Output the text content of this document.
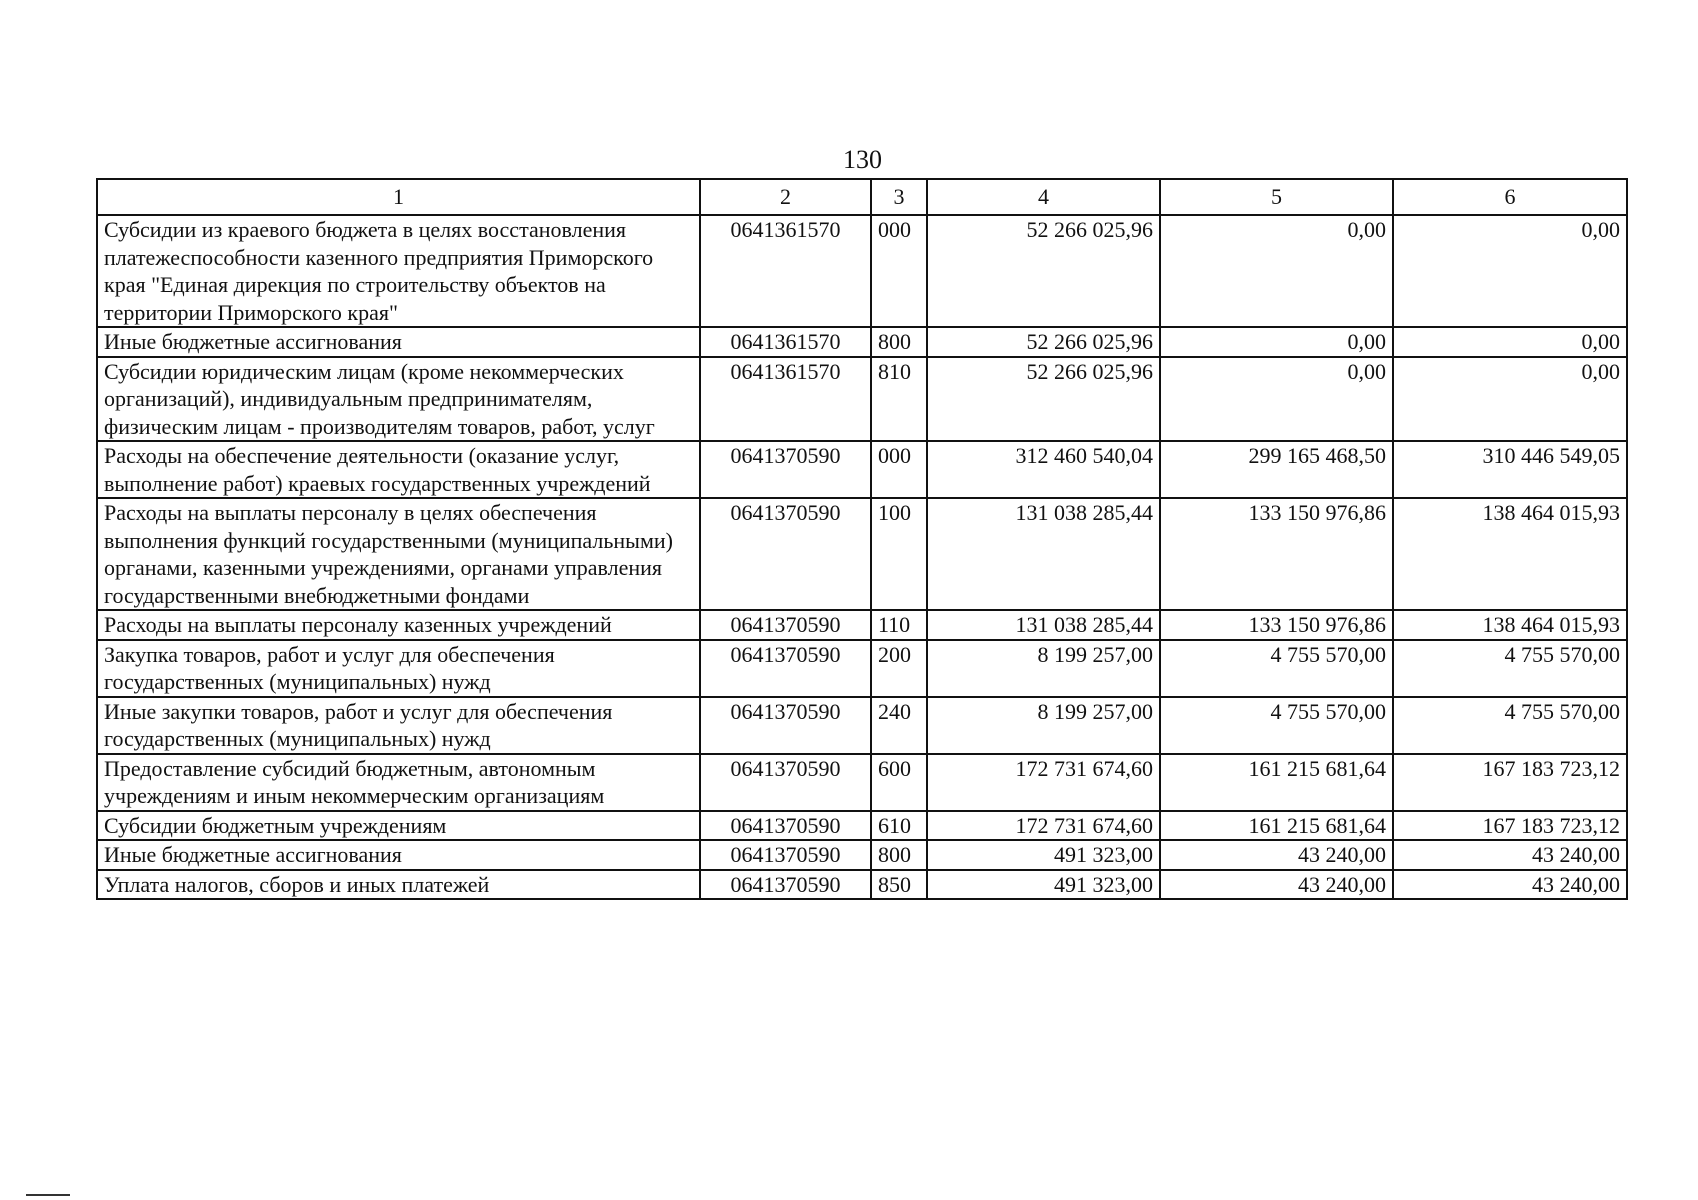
130
1	2	3	4	5	6
Субсидии из краевого бюджета в целях восстановления платежеспособности казенного предприятия Приморского края "Единая дирекция по строительству объектов на территории Приморского края"	0641361570	000	52 266 025,96	0,00	0,00
Иные бюджетные ассигнования	0641361570	800	52 266 025,96	0,00	0,00
Субсидии юридическим лицам (кроме некоммерческих организаций), индивидуальным предпринимателям, физическим лицам - производителям товаров, работ, услуг	0641361570	810	52 266 025,96	0,00	0,00
Расходы на обеспечение деятельности (оказание услуг, выполнение работ) краевых государственных учреждений	0641370590	000	312 460 540,04	299 165 468,50	310 446 549,05
Расходы на выплаты персоналу в целях обеспечения выполнения функций государственными (муниципальными) органами, казенными учреждениями, органами управления государственными внебюджетными фондами	0641370590	100	131 038 285,44	133 150 976,86	138 464 015,93
Расходы на выплаты персоналу казенных учреждений	0641370590	110	131 038 285,44	133 150 976,86	138 464 015,93
Закупка товаров, работ и услуг для обеспечения государственных (муниципальных) нужд	0641370590	200	8 199 257,00	4 755 570,00	4 755 570,00
Иные закупки товаров, работ и услуг для обеспечения государственных (муниципальных) нужд	0641370590	240	8 199 257,00	4 755 570,00	4 755 570,00
Предоставление субсидий бюджетным, автономным учреждениям и иным некоммерческим организациям	0641370590	600	172 731 674,60	161 215 681,64	167 183 723,12
Субсидии бюджетным учреждениям	0641370590	610	172 731 674,60	161 215 681,64	167 183 723,12
Иные бюджетные ассигнования	0641370590	800	491 323,00	43 240,00	43 240,00
Уплата налогов, сборов и иных платежей	0641370590	850	491 323,00	43 240,00	43 240,00
